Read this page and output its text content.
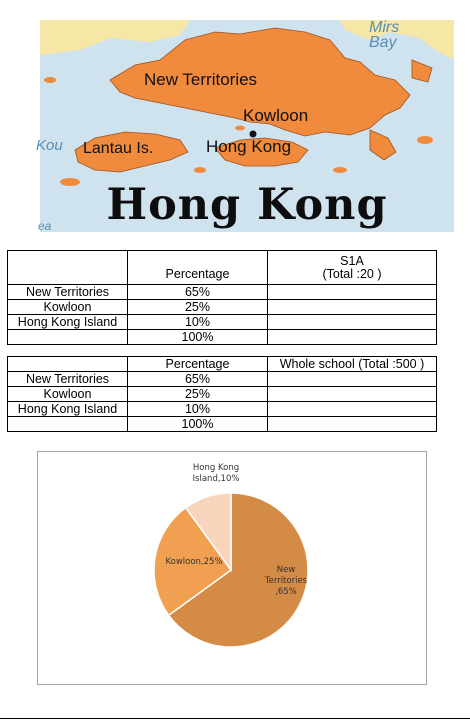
Mirs
Bay
New Territories
Kowloon
Hong Kong
Lantau Is.
Kou
ea	Hong Kong
	Percentage	S1A
(Total :20 )
New Territories	65%	
Kowloon	25%	
Hong Kong Island	10%	
	100%	
	Percentage	Whole school (Total :500 )
New Territories	65%	
Kowloon	25%	
Hong Kong Island	10%	
	100%	
New Territories ,65%
Kowloon,25%
Hong Kong Island,10%
